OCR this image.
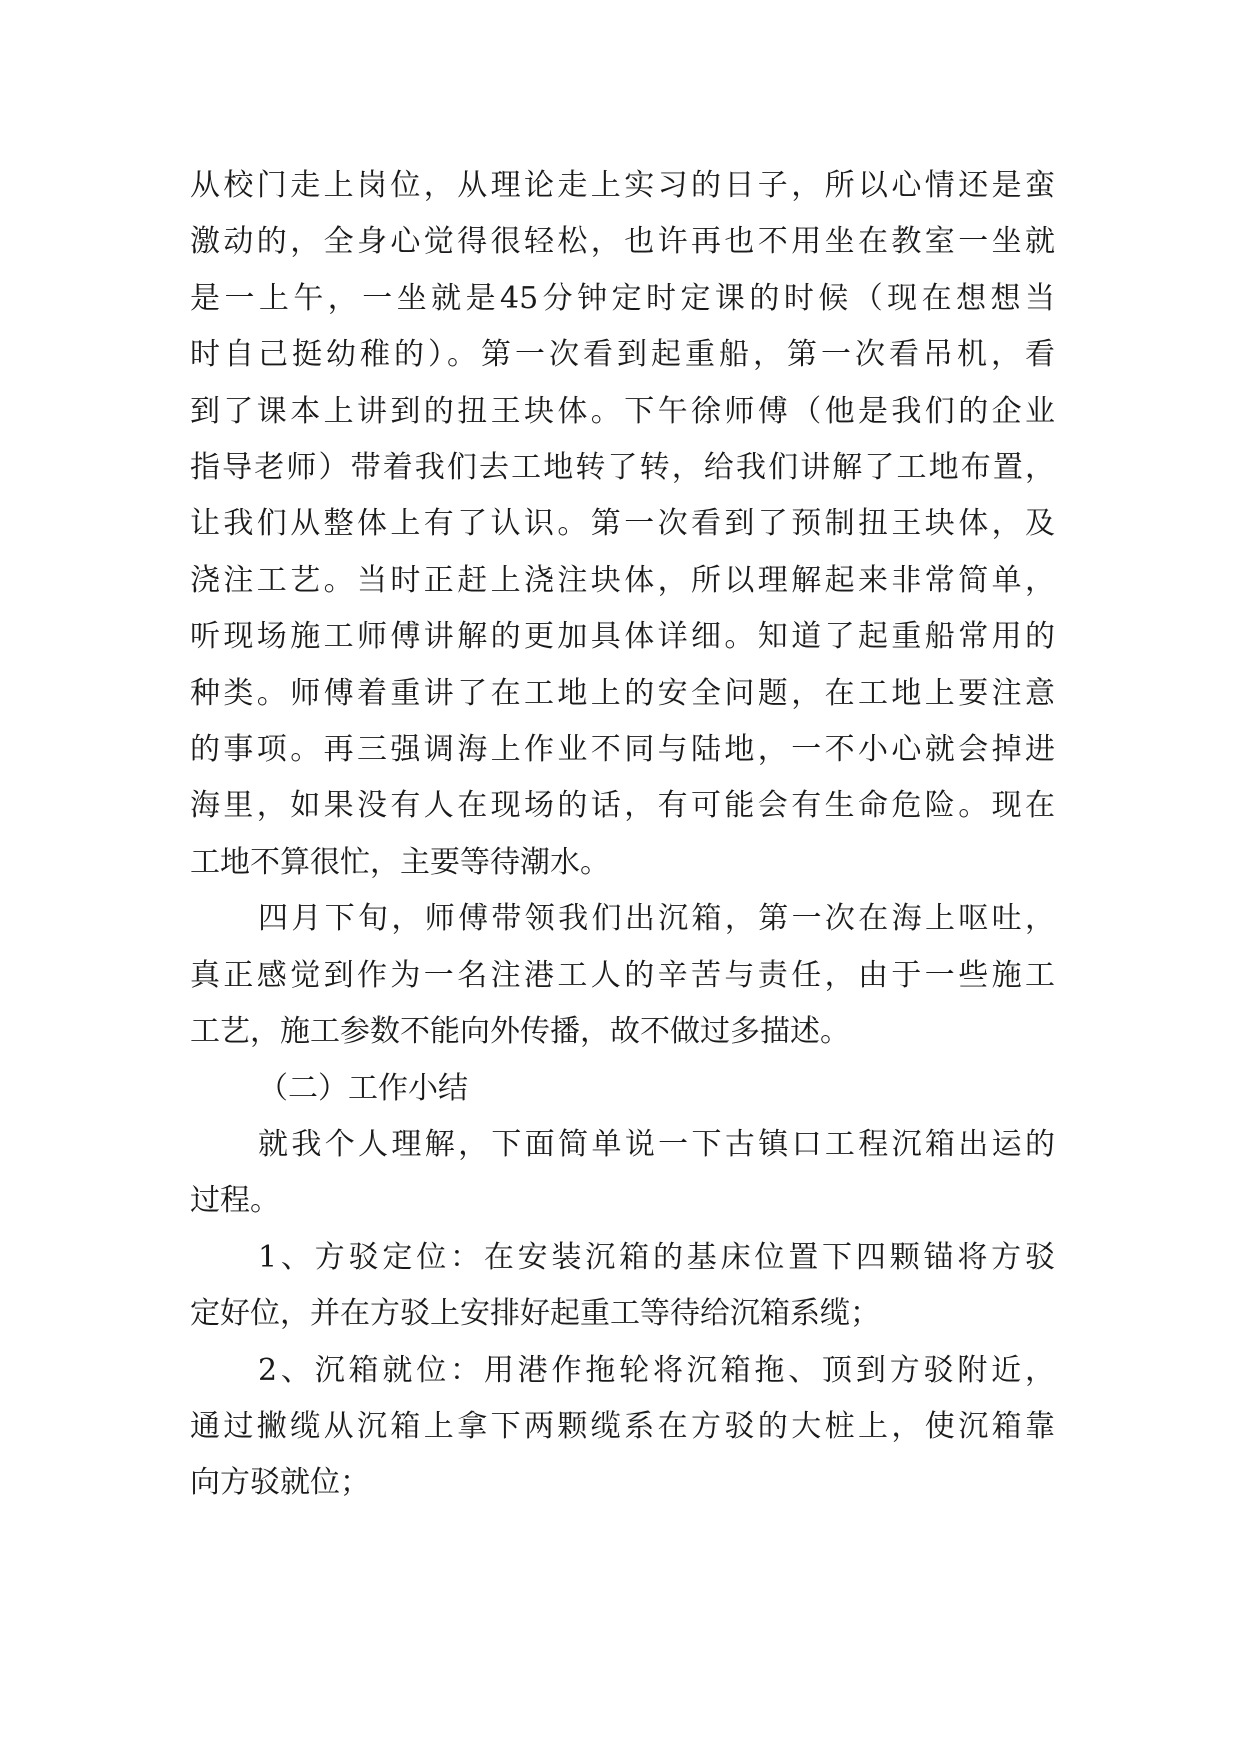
从校门走上岗位，从理论走上实习的日子，所以心情还是蛮
激动的，全身心觉得很轻松，也许再也不用坐在教室一坐就
是一上午，一坐就是45分钟定时定课的时候（现在想想当
时自己挺幼稚的）。第一次看到起重船，第一次看吊机，看
到了课本上讲到的扭王块体。下午徐师傅（他是我们的企业
指导老师）带着我们去工地转了转，给我们讲解了工地布置，
让我们从整体上有了认识。第一次看到了预制扭王块体，及
浇注工艺。当时正赶上浇注块体，所以理解起来非常简单，
听现场施工师傅讲解的更加具体详细。知道了起重船常用的
种类。师傅着重讲了在工地上的安全问题，在工地上要注意
的事项。再三强调海上作业不同与陆地，一不小心就会掉进
海里，如果没有人在现场的话，有可能会有生命危险。现在
工地不算很忙，主要等待潮水。
四月下旬，师傅带领我们出沉箱，第一次在海上呕吐，
真正感觉到作为一名注港工人的辛苦与责任，由于一些施工
工艺，施工参数不能向外传播，故不做过多描述。
（二）工作小结
就我个人理解，下面简单说一下古镇口工程沉箱出运的
过程。
1、方驳定位：在安装沉箱的基床位置下四颗锚将方驳
定好位，并在方驳上安排好起重工等待给沉箱系缆；
2、沉箱就位：用港作拖轮将沉箱拖、顶到方驳附近，
通过撇缆从沉箱上拿下两颗缆系在方驳的大桩上，使沉箱靠
向方驳就位；
